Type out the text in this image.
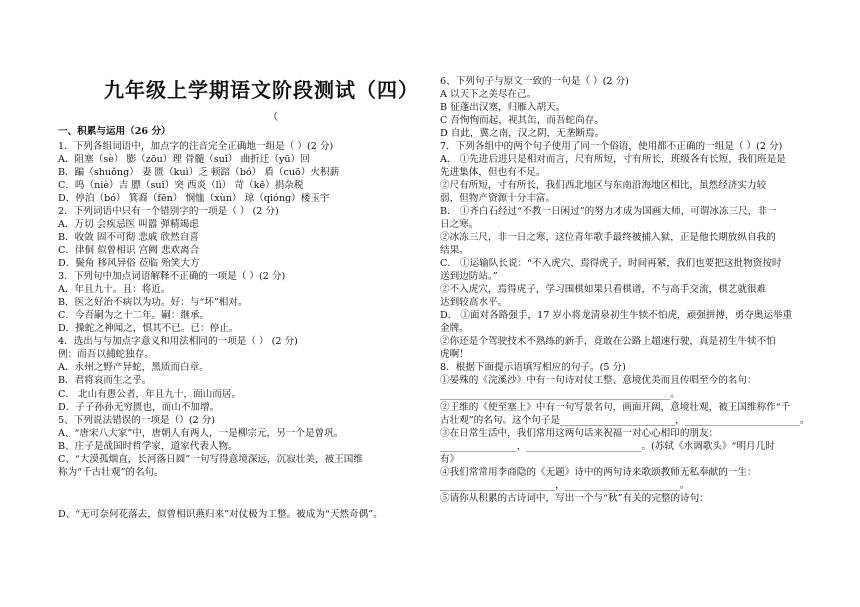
九年级上学期语文阶段测试（四）
（
一、积累与运用（26 分）
1．下列各组词语中，加点字的注音完全正确地一组是（ ）(2 分)
A．阻塞（sè） 膨（zōu）理 骨髓（suǐ） 曲折迁（yū）回
B．蹁（shuǒng） 妻 匮（kuì）乏 顿踣（bó） 盾（cuō）火积薪
C．呜（niè）吉 膘（suǐ）突 西炎（lì） 苛（kē）捐杂税
D．停泊（bó） 箕裔（fēn） 悯恤（xùn） 琼（qióng）楼玉宇
2．下列词语中只有一个错别字的一项是（ ） (2 分)
A．万切 会疾忌医 叫嚣 弹精竭虑
B．收敛 固不可彻 悲戚 欣然自喜
C．律侗 似曾相识 宫阙 悲欢离合
D．鬓角 移风异俗 莅临 殆笑大方
3．下列句中加点词语解释不正确的一项是（ ）(2 分)
A．年且九十。且：将近。
B．医之好治不病以为功。好：与“坏”相对。
C．今吾嗣为之十二年。嗣：继承。
D．操蛇之神闻之，惧其不已。已：停止。
4．选出与与加点字意义和用法相同的一项是（ ） (2 分)
例：而吾以捕蛇独存。
A．永州之野产异蛇，黑质而白章。
B．君将哀而生之乎。
C． 北山有愚公者，年且九十，面山而居。
D．子子孙孙无穷匮也，而山不加增。
5、下列说法错误的一项是（）(2 分)
A、“唐宋八大家”中，唐朝人有两人，一是柳宗元，另一个是曾巩。
B、庄子是战国时哲学家，道家代表人物。
C、“大漠孤烟直，长河落日圆”一句写得意境深远，沉寂壮美，被王国维
称为“千古壮观”的名句。
D、“无可奈何花落去，似曾相识燕归来”对仗极为工整。被成为“天然奇偶”。
6、下列句子与原文一致的一句是（ ）(2 分)
A 以天下之美尽在己。
B 征蓬出汉塞，归雁入胡天。
C 吾恂恂而起，视其缶，而吾蛇尚存。
D 自此，冀之南，汉之阴，无垄断焉。
7．下列各组中的两个句子使用了同一个俗语，使用都不正确的一组是（ ）(2 分)
A． ①先进后进只是相对而言，尺有所短，寸有所长，班级各有长短，我们班是是
先进集体，但也有不足。
②尺有所短，寸有所长，我们西北地区与东南沿海地区相比，虽然经济实力较
弱，但物产资源十分丰富。
B． ①齐白石经过“不教一日闲过”的努力才成为国画大师，可谓冰冻三尺，非一
日之寒。
②冰冻三尺，非一日之寒，这位青年歌手最终被捕入狱，正是他长期放纵自我的
结果。
C． ①运输队长说：“不入虎穴，焉得虎子，时间再紧，我们也要把这批物资按时
送到边防站。”
②不入虎穴，焉得虎子，学习围棋如果只看棋谱，不与高手交流，棋艺就很难
达到较高水平。
D． ①面对各路强手，17 岁小将龙清泉初生牛犊不怕虎，顽强拼搏，勇夺奥运举重
金牌。
②你还是个驾驶技术不熟练的新手，竟敢在公路上超速行驶，真是初生牛犊不怕
虎啊！
8．根据下面提示语填写相应的句子。(5 分)
①晏殊的《浣溪沙》中有一句诗对仗工整、意境优美而且传唱至今的名句：
________________________________________________。
②王维的《使至塞上》中有一句写景名句，画面开阔，意境壮观，被王国维称作“千
古壮观”的名句。这个句子是________________________，________________________。
③在日常生活中，我们常用这两句话来祝福一对心心相印的朋友：
________________，________________________。(苏轼《水调歌头》“明月几时
有》
④我们常常用李商隐的《无题》诗中的两句诗来歌颂教师无私奉献的一生：
________________________，________________________。
⑤请你从积累的古诗词中，写出一个与“秋”有关的完整的诗句：
